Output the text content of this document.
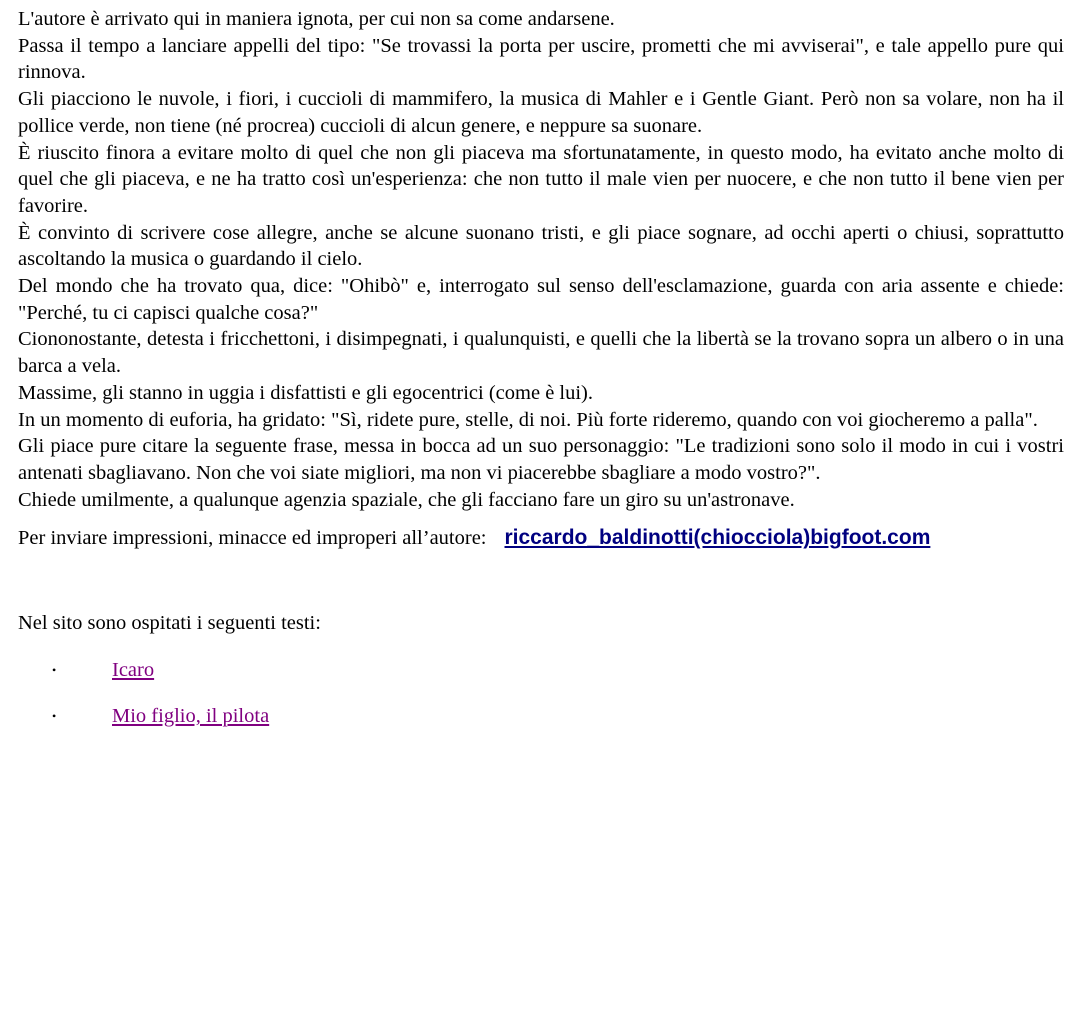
L'autore è arrivato qui in maniera ignota, per cui non sa come andarsene.

Passa il tempo a lanciare appelli del tipo: "Se trovassi la porta per uscire, prometti che mi avviserai", e tale appello pure qui rinnova.

Gli piacciono le nuvole, i fiori, i cuccioli di mammifero, la musica di Mahler e i Gentle Giant. Però non sa volare, non ha il pollice verde, non tiene (né procrea) cuccioli di alcun genere, e neppure sa suonare.

È riuscito finora a evitare molto di quel che non gli piaceva ma sfortunatamente, in questo modo, ha evitato anche molto di quel che gli piaceva, e ne ha tratto così un'esperienza: che non tutto il male vien per nuocere, e che non tutto il bene vien per favorire.

È convinto di scrivere cose allegre, anche se alcune suonano tristi, e gli piace sognare, ad occhi aperti o chiusi, soprattutto ascoltando la musica o guardando il cielo.

Del mondo che ha trovato qua, dice: "Ohibò" e, interrogato sul senso dell'esclamazione, guarda con aria assente e chiede: "Perché, tu ci capisci qualche cosa?"

Ciononostante, detesta i fricchettoni, i disimpegnati, i qualunquisti, e quelli che la libertà se la trovano sopra un albero o in una barca a vela.

Massime, gli stanno in uggia i disfattisti e gli egocentrici (come è lui).

In un momento di euforia, ha gridato: "Sì, ridete pure, stelle, di noi. Più forte rideremo, quando con voi giocheremo a palla".

Gli piace pure citare la seguente frase, messa in bocca ad un suo personaggio: "Le tradizioni sono solo il modo in cui i vostri antenati sbagliavano. Non che voi siate migliori, ma non vi piacerebbe sbagliare a modo vostro?".

Chiede umilmente, a qualunque agenzia spaziale, che gli facciano fare un giro su un'astronave.

Per inviare impressioni, minacce ed improperi all’autore: riccardo_baldinotti(chiocciola)bigfoot.com

Nel sito sono ospitati i seguenti testi:

•	Icaro
•	Mio figlio, il pilota
